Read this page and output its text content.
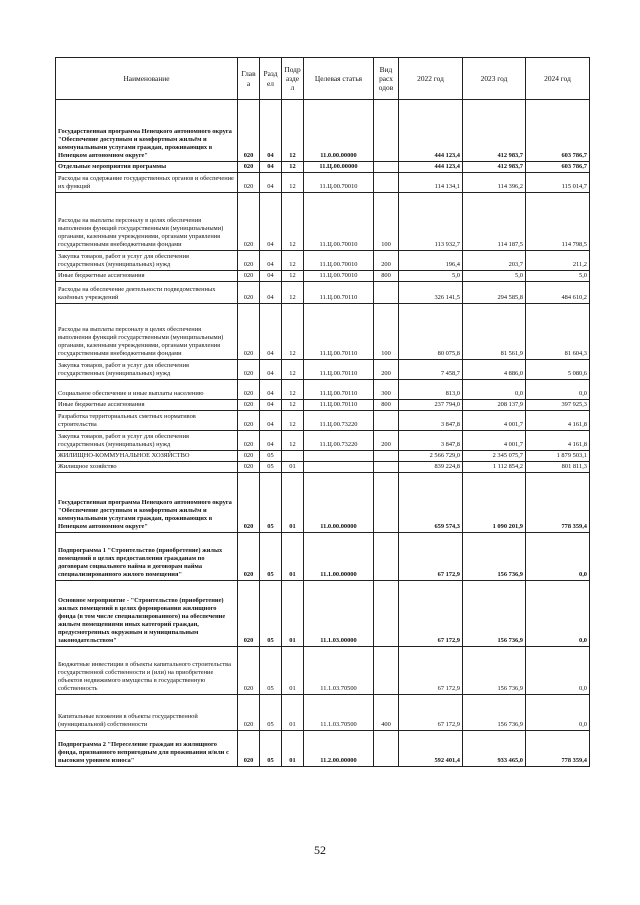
Наименование	Глав а	Разд ел	Подр азде л	Целевая статья	Вид расх одов	2022 год	2023 год	2024 год
Государственная программа Ненецкого автономного округа "Обеспечение доступным и комфортным жильём и коммунальными услугами граждан, проживающих в Ненецком автономном округе"	020	04	12	11.0.00.00000		444 123,4	412 983,7	603 786,7
Отдельные мероприятия программы	020	04	12	11.Ц.00.00000		444 123,4	412 983,7	603 786,7
Расходы на содержание государственных органов и обеспечение их функций	020	04	12	11.Ц.00.70010		114 134,1	114 396,2	115 014,7
Расходы на выплаты персоналу в целях обеспечения выполнения функций государственными (муниципальными) органами, казенными учреждениями, органами управления государственными внебюджетными фондами	020	04	12	11.Ц.00.70010	100	113 932,7	114 187,5	114 798,5
Закупка товаров, работ и услуг для обеспечения государственных (муниципальных) нужд	020	04	12	11.Ц.00.70010	200	196,4	203,7	211,2
Иные бюджетные ассигнования	020	04	12	11.Ц.00.70010	800	5,0	5,0	5,0
Расходы на обеспечение деятельности подведомственных казённых учреждений	020	04	12	11.Ц.00.70110		326 141,5	294 585,8	484 610,2
Расходы на выплаты персоналу в целях обеспечения выполнения функций государственными (муниципальными) органами, казенными учреждениями, органами управления государственными внебюджетными фондами	020	04	12	11.Ц.00.70110	100	80 075,8	81 561,9	81 604,3
Закупка товаров, работ и услуг для обеспечения государственных (муниципальных) нужд	020	04	12	11.Ц.00.70110	200	7 458,7	4 886,0	5 080,6
Социальное обеспечение и иные выплаты населению	020	04	12	11.Ц.00.70110	300	813,0	0,0	0,0
Иные бюджетные ассигнования	020	04	12	11.Ц.00.70110	800	237 794,0	208 137,9	397 925,3
Разработка территориальных сметных нормативов строительства	020	04	12	11.Ц.00.73220		3 847,8	4 001,7	4 161,8
Закупка товаров, работ и услуг для обеспечения государственных (муниципальных) нужд	020	04	12	11.Ц.00.73220	200	3 847,8	4 001,7	4 161,8
ЖИЛИЩНО-КОММУНАЛЬНОЕ ХОЗЯЙСТВО	020	05				2 566 729,0	2 345 075,7	1 879 503,1
Жилищное хозяйство	020	05	01			839 224,8	1 112 854,2	801 811,3
Государственная программа Ненецкого автономного округа "Обеспечение доступным и комфортным жильём и коммунальными услугами граждан, проживающих в Ненецком автономном округе"	020	05	01	11.0.00.00000		659 574,3	1 090 201,9	778 359,4
Подпрограмма 1 "Строительство (приобретение) жилых помещений в целях предоставления гражданам по договорам социального найма и договорам найма специализированного жилого помещения"	020	05	01	11.1.00.00000		67 172,9	156 736,9	0,0
Основное мероприятие - "Строительство (приобретение) жилых помещений в целях формирования жилищного фонда (в том числе специализированного) на обеспечение жильем помещениями иных категорий граждан, предусмотренных окружным и муниципальным законодательством"	020	05	01	11.1.03.00000		67 172,9	156 736,9	0,0
Бюджетные инвестиции в объекты капитального строительства государственной собственности и (или) на приобретение объектов недвижимого имущества в государственную собственность	020	05	01	11.1.03.70500		67 172,9	156 736,9	0,0
Капитальные вложения в объекты государственной (муниципальной) собственности	020	05	01	11.1.03.70500	400	67 172,9	156 736,9	0,0
Подпрограмма 2 "Переселение граждан из жилищного фонда, признанного непригодным для проживания и/или с высоким уровнем износа"	020	05	01	11.2.00.00000		592 401,4	933 465,0	778 359,4
52
